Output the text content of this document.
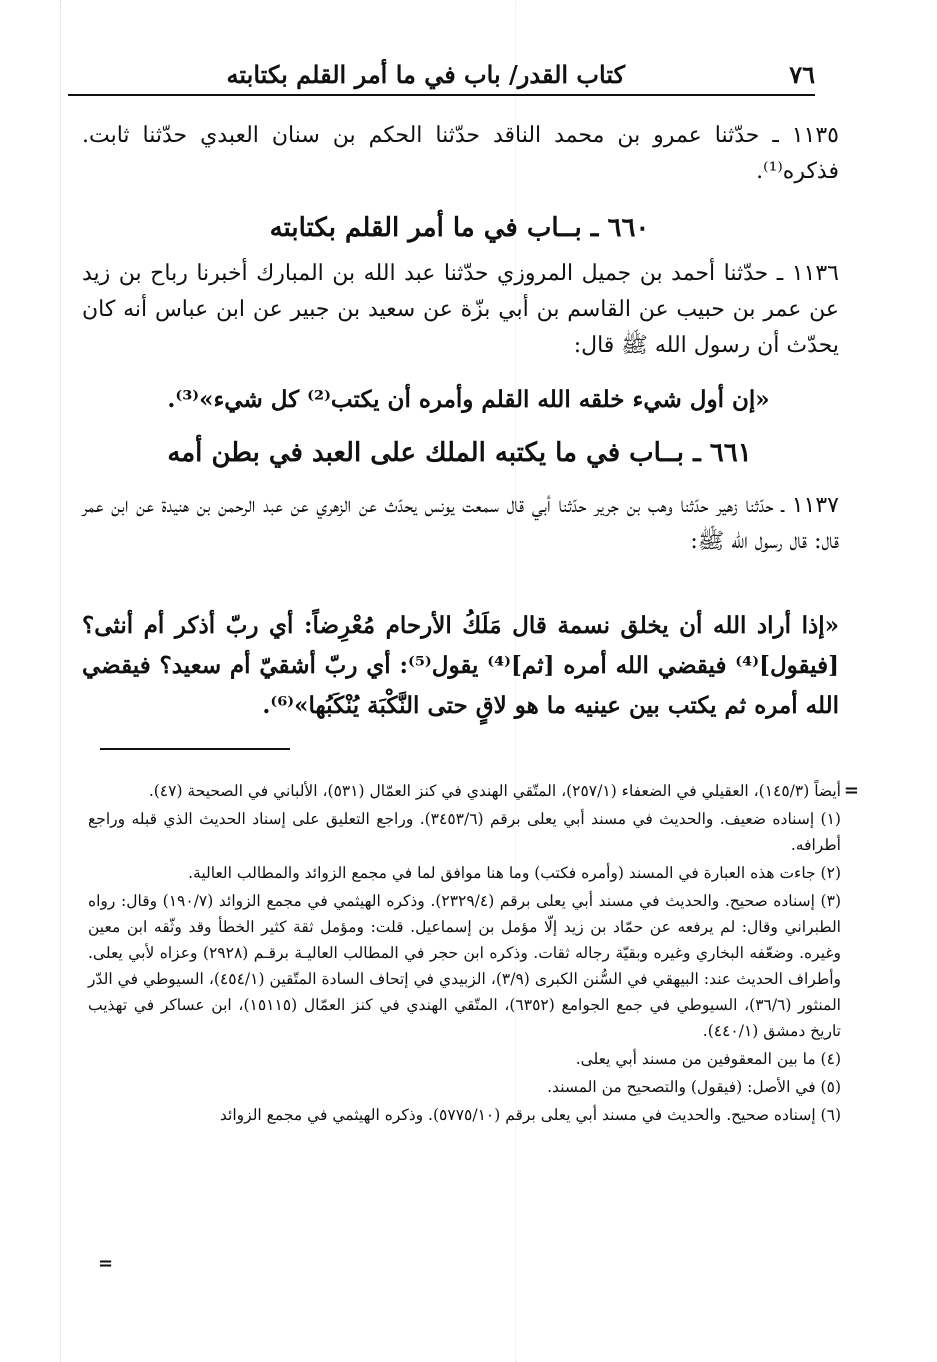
٧٦
كتاب القدر/ باب في ما أمر القلم بكتابته

١١٣٥ ـ حدّثنا عمرو بن محمد الناقد حدّثنا الحكم بن سنان العبدي حدّثنا ثابت. فذكره⁽¹⁾.

٦٦٠ ـ بــاب في ما أمر القلم بكتابته

١١٣٦ ـ حدّثنا أحمد بن جميل المروزي حدّثنا عبد الله بن المبارك أخبرنا رباح بن زيد عن عمر بن حبيب عن القاسم بن أبي بزّة عن سعيد بن جبير عن ابن عباس أنه كان يحدّث أن رسول الله ﷺ قال:

«إن أول شيء خلقه الله القلم وأمره أن يكتب⁽²⁾ كل شيء»⁽³⁾.

٦٦١ ـ بــاب في ما يكتبه الملك على العبد في بطن أمه

١١٣٧ ـ حدّثنا زهير حدّثنا وهب بن جرير حدّثنا أبي قال سمعت يونس يحدّث عن الزهري عن عبد الرحمن بن هنيدة عن ابن عمر قال: قال رسول الله ﷺ:

«إذا أراد الله أن يخلق نسمة قال مَلَكُ الأرحام مُعْرِضاً: أي ربّ أذكر أم أنثى؟ [فيقول]⁽⁴⁾ فيقضي الله أمره [ثم]⁽⁴⁾ يقول⁽⁵⁾: أي ربّ أشقيّ أم سعيد؟ فيقضي الله أمره ثم يكتب بين عينيه ما هو لاقٍ حتى النَّكْبَة يُنْكَبُها»⁽⁶⁾.

=
أيضاً (١٤٥/٣)، العقيلي في الضعفاء (٢٥٧/١)، المتّقي الهندي في كنز العمّال (٥٣١)، الألباني في الصحيحة (٤٧).
(١) إسناده ضعيف. والحديث في مسند أبي يعلى برقم (٣٤٥٣/٦). وراجع التعليق على إسناد الحديث الذي قبله وراجع أطرافه.
(٢) جاءت هذه العبارة في المسند (وأمره فكتب) وما هنا موافق لما في مجمع الزوائد والمطالب العالية.
(٣) إسناده صحيح. والحديث في مسند أبي يعلى برقم (٢٣٢٩/٤). وذكره الهيثمي في مجمع الزوائد (١٩٠/٧) وقال: رواه الطبراني وقال: لم يرفعه عن حمّاد بن زيد إلّا مؤمل بن إسماعيل. قلت: ومؤمل ثقة كثير الخطأ وقد وثّقه ابن معين وغيره. وضعّفه البخاري وغيره وبقيّة رجاله ثقات. وذكره ابن حجر في المطالب العاليـة برقـم (٢٩٢٨) وعزاه لأبي يعلى. وأطراف الحديث عند: البيهقي في السُّنن الكبرى (٣/٩)، الزبيدي في إتحاف السادة المتّقين (٤٥٤/١)، السيوطي في الدّر المنثور (٣٦/٦)، السيوطي في جمع الجوامع (٦٣٥٢)، المتّقي الهندي في كنز العمّال (١٥١١٥)، ابن عساكر في تهذيب تاريخ دمشق (٤٤٠/١).
(٤) ما بين المعقوفين من مسند أبي يعلى.
(٥) في الأصل: (فيقول) والتصحيح من المسند.
(٦) إسناده صحيح. والحديث في مسند أبي يعلى برقم (٥٧٧٥/١٠). وذكره الهيثمي في مجمع الزوائد
=
